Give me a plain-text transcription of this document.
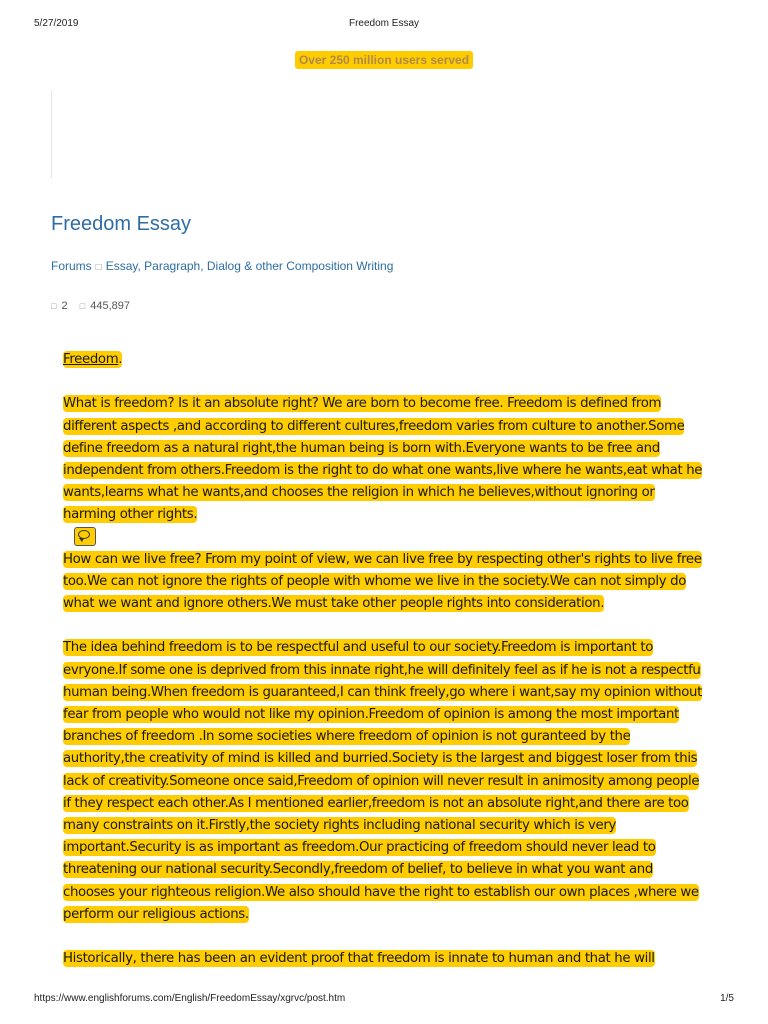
5/27/2019	Freedom Essay
Over 250 million users served
Freedom Essay
Forums □ Essay, Paragraph, Dialog & other Composition Writing
□ 2 □ 445,897

Freedom.

What is freedom? Is it an absolute right? We are born to become free. Freedom is defined from different aspects ,and according to different cultures,freedom varies from culture to another.Some define freedom as a natural right,the human being is born with.Everyone wants to be free and independent from others.Freedom is the right to do what one wants,live where he wants,eat what he wants,learns what he wants,and chooses the religion in which he believes,without ignoring or harming other rights.

How can we live free? From my point of view, we can live free by respecting other's rights to live free too.We can not ignore the rights of people with whome we live in the society.We can not simply do what we want and ignore others.We must take other people rights into consideration.

The idea behind freedom is to be respectful and useful to our society.Freedom is important to evryone.If some one is deprived from this innate right,he will definitely feel as if he is not a respectfu human being.When freedom is guaranteed,I can think freely,go where i want,say my opinion without fear from people who would not like my opinion.Freedom of opinion is among the most important branches of freedom .In some societies where freedom of opinion is not guranteed by the authority,the creativity of mind is killed and burried.Society is the largest and biggest loser from this lack of creativity.Someone once said,Freedom of opinion will never result in animosity among people if they respect each other.As I mentioned earlier,freedom is not an absolute right,and there are too many constraints on it.Firstly,the society rights including national security which is very important.Security is as important as freedom.Our practicing of freedom should never lead to threatening our national security.Secondly,freedom of belief, to believe in what you want and chooses your righteous religion.We also should have the right to establish our own places ,where we perform our religious actions.

Historically, there has been an evident proof that freedom is innate to human and that he will

https://www.englishforums.com/English/FreedomEssay/xgrvc/post.htm	1/5
